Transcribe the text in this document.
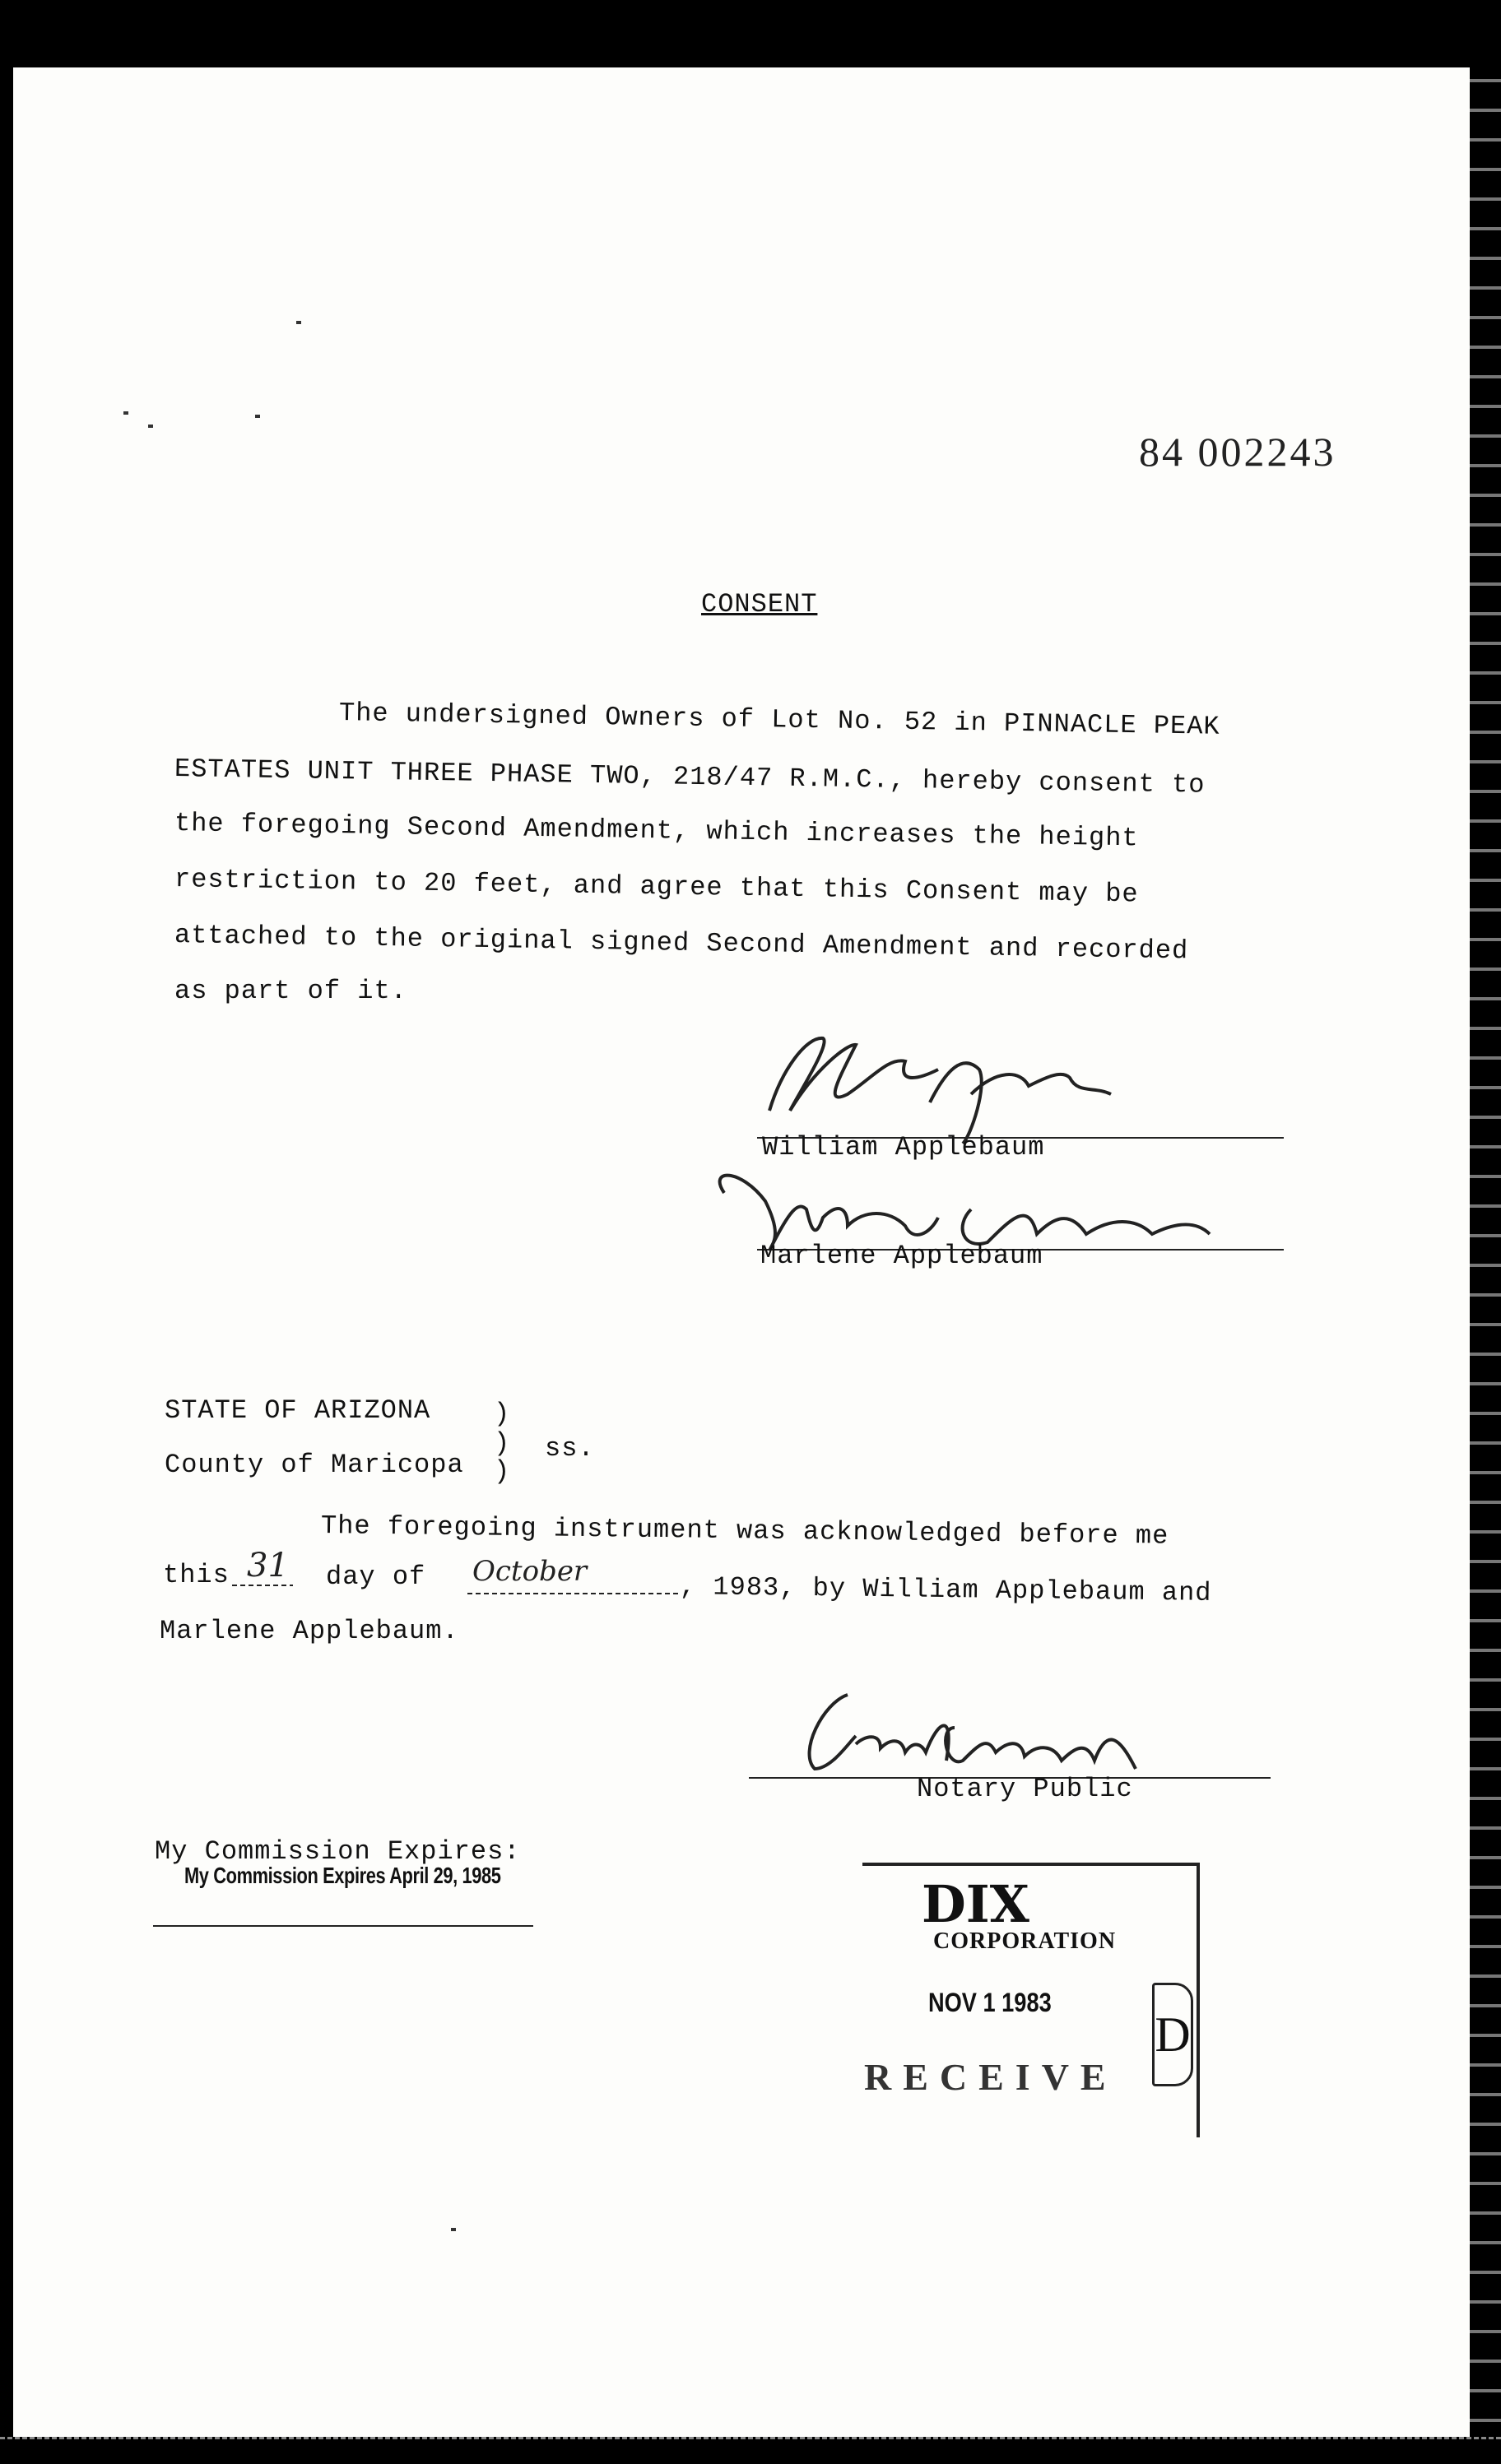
84 002243
CONSENT
The undersigned Owners of Lot No. 52 in PINNACLE PEAK
ESTATES UNIT THREE PHASE TWO, 218/47 R.M.C., hereby consent to
the foregoing Second Amendment, which increases the height
restriction to 20 feet, and agree that this Consent may be
attached to the original signed Second Amendment and recorded
as part of it.
William Applebaum
Marlene Applebaum
STATE OF ARIZONA )
) ss.
County of Maricopa )
The foregoing instrument was acknowledged before me
this 31 day of October
, 1983, by William Applebaum and
Marlene Applebaum.
Notary Public
My Commission Expires:
My Commission Expires April 29, 1985	DIX
CORPORATION
NOV 1 1983
RECEIVE
D
